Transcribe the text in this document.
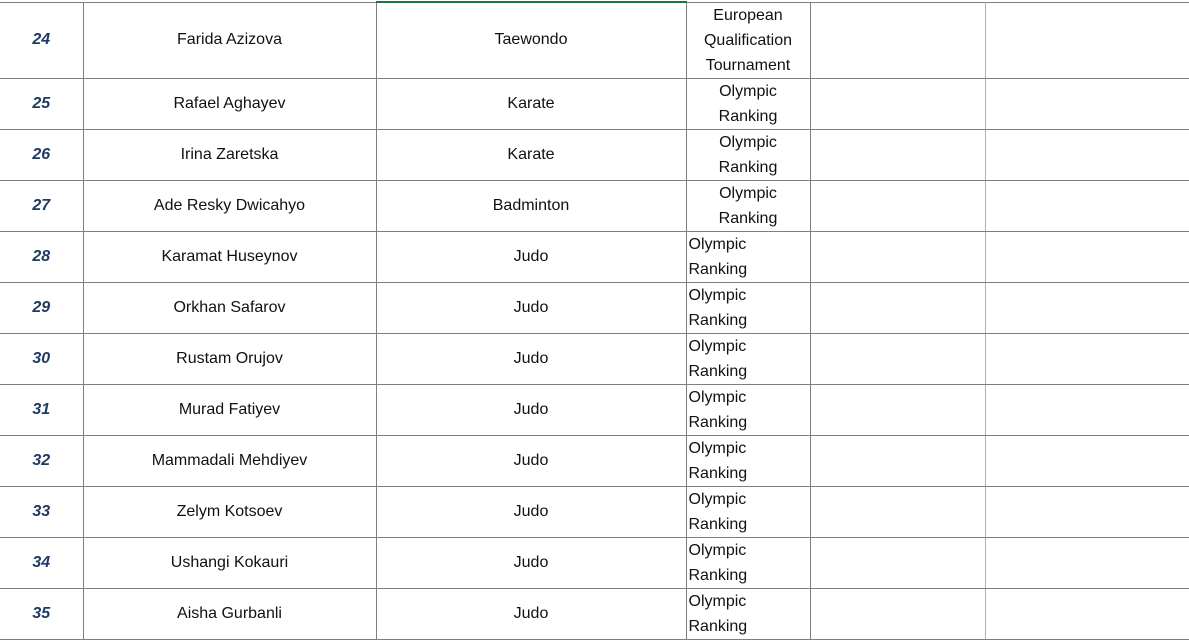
24	Farida Azizova	Taewondo	European
Qualification
Tournament		

25	Rafael Aghayev	Karate	Olympic
Ranking		

26	Irina Zaretska	Karate	Olympic
Ranking		

27	Ade Resky Dwicahyo	Badminton	Olympic
Ranking		

28	Karamat Huseynov	Judo	Olympic
Ranking		

29	Orkhan Safarov	Judo	Olympic
Ranking		

30	Rustam Orujov	Judo	Olympic
Ranking		

31	Murad Fatiyev	Judo	Olympic
Ranking		

32	Mammadali Mehdiyev	Judo	Olympic
Ranking		

33	Zelym Kotsoev	Judo	Olympic
Ranking		

34	Ushangi Kokauri	Judo	Olympic
Ranking		

35	Aisha Gurbanli	Judo	Olympic
Ranking		
